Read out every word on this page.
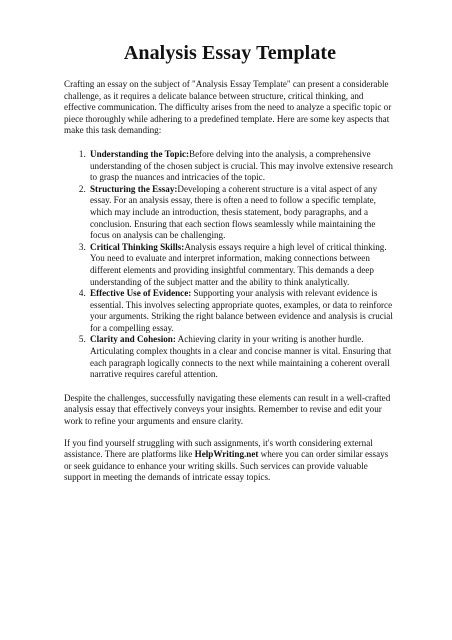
Analysis Essay Template

Crafting an essay on the subject of "Analysis Essay Template" can present a considerable challenge, as it requires a delicate balance between structure, critical thinking, and effective communication. The difficulty arises from the need to analyze a specific topic or piece thoroughly while adhering to a predefined template. Here are some key aspects that make this task demanding:

1. Understanding the Topic:Before delving into the analysis, a comprehensive understanding of the chosen subject is crucial. This may involve extensive research to grasp the nuances and intricacies of the topic.
2. Structuring the Essay:Developing a coherent structure is a vital aspect of any essay. For an analysis essay, there is often a need to follow a specific template, which may include an introduction, thesis statement, body paragraphs, and a conclusion. Ensuring that each section flows seamlessly while maintaining the focus on analysis can be challenging.
3. Critical Thinking Skills:Analysis essays require a high level of critical thinking. You need to evaluate and interpret information, making connections between different elements and providing insightful commentary. This demands a deep understanding of the subject matter and the ability to think analytically.
4. Effective Use of Evidence: Supporting your analysis with relevant evidence is essential. This involves selecting appropriate quotes, examples, or data to reinforce your arguments. Striking the right balance between evidence and analysis is crucial for a compelling essay.
5. Clarity and Cohesion: Achieving clarity in your writing is another hurdle. Articulating complex thoughts in a clear and concise manner is vital. Ensuring that each paragraph logically connects to the next while maintaining a coherent overall narrative requires careful attention.

Despite the challenges, successfully navigating these elements can result in a well-crafted analysis essay that effectively conveys your insights. Remember to revise and edit your work to refine your arguments and ensure clarity.

If you find yourself struggling with such assignments, it's worth considering external assistance. There are platforms like HelpWriting.net where you can order similar essays or seek guidance to enhance your writing skills. Such services can provide valuable support in meeting the demands of intricate essay topics.
